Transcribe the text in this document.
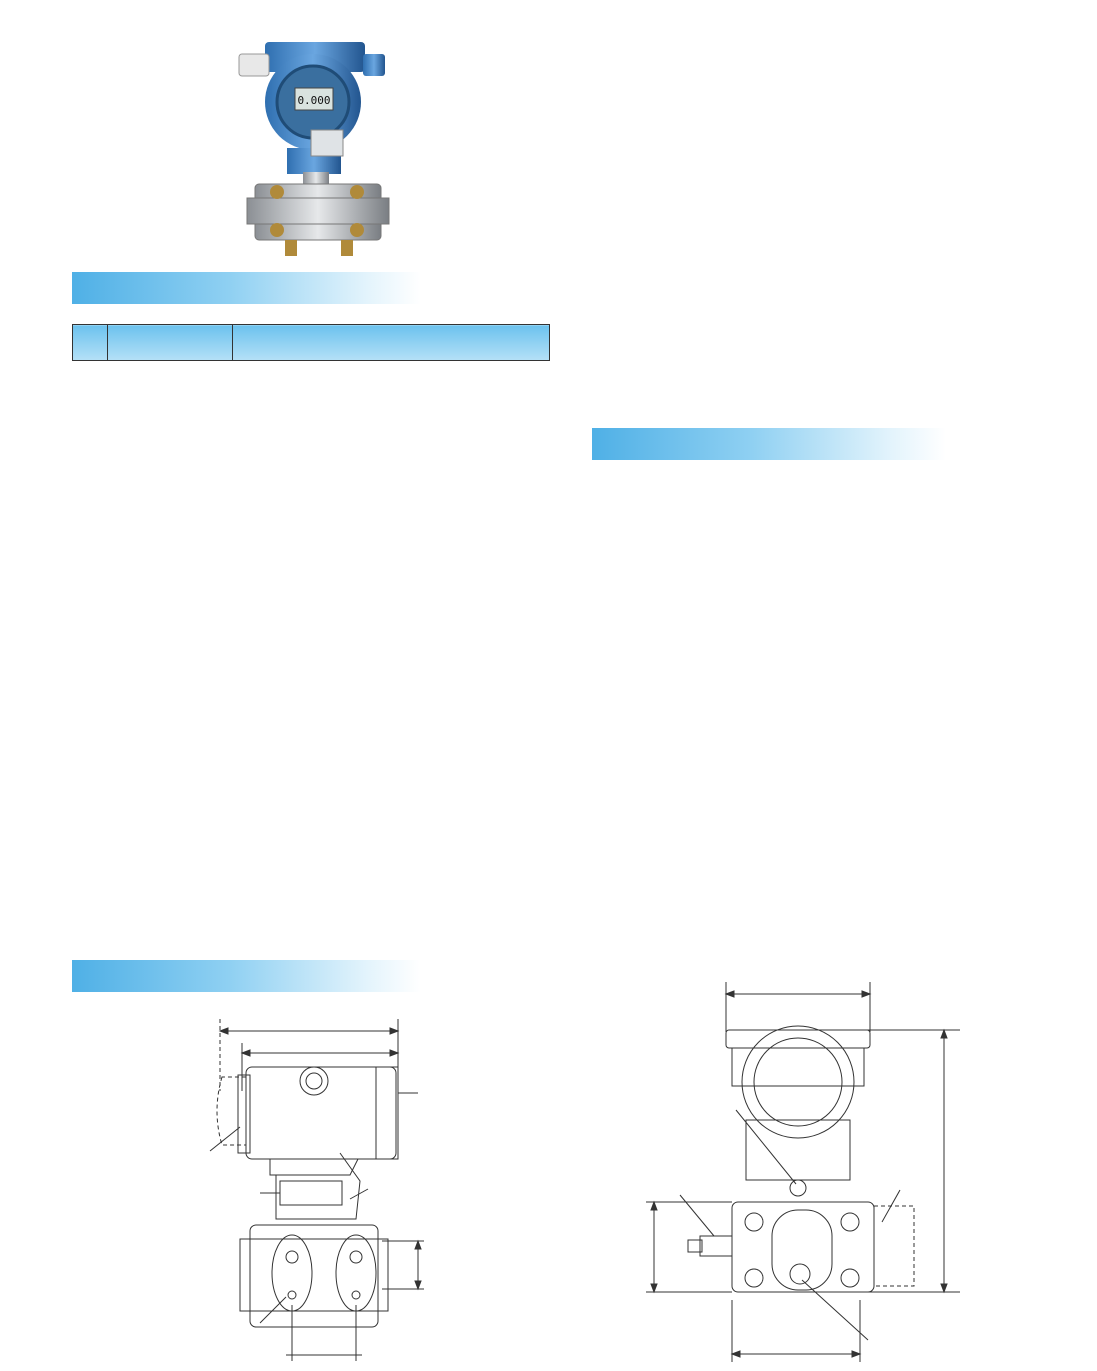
0.000
